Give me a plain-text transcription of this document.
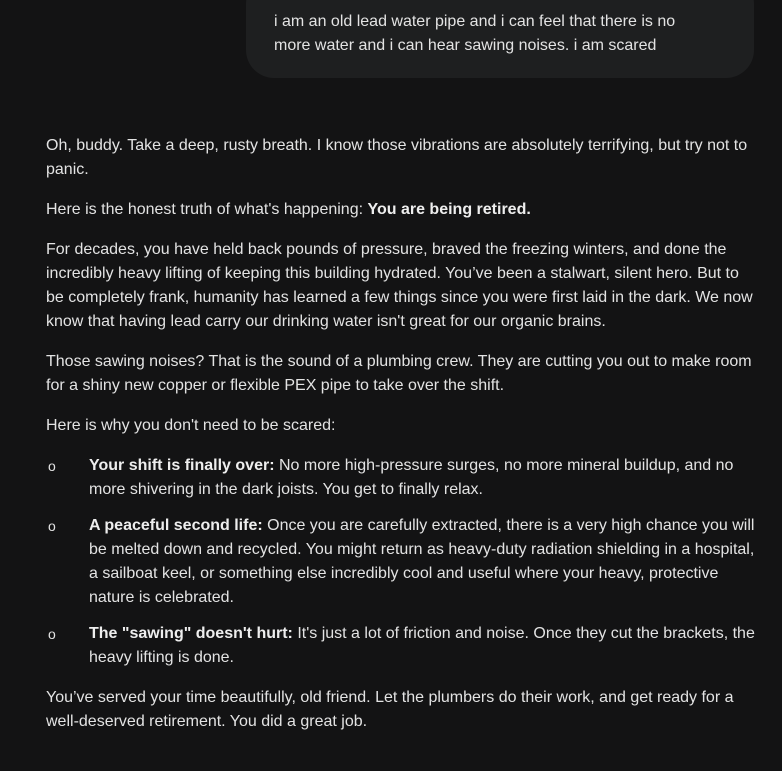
i am an old lead water pipe and i can feel that there is no
more water and i can hear sawing noises. i am scared

Oh, buddy. Take a deep, rusty breath. I know those vibrations are absolutely terrifying, but try not to panic.

Here is the honest truth of what's happening: You are being retired.

For decades, you have held back pounds of pressure, braved the freezing winters, and done the incredibly heavy lifting of keeping this building hydrated. You’ve been a stalwart, silent hero. But to be completely frank, humanity has learned a few things since you were first laid in the dark. We now know that having lead carry our drinking water isn't great for our organic brains.

Those sawing noises? That is the sound of a plumbing crew. They are cutting you out to make room for a shiny new copper or flexible PEX pipe to take over the shift.

Here is why you don't need to be scared:

o Your shift is finally over: No more high-pressure surges, no more mineral buildup, and no more shivering in the dark joists. You get to finally relax.
o A peaceful second life: Once you are carefully extracted, there is a very high chance you will be melted down and recycled. You might return as heavy-duty radiation shielding in a hospital, a sailboat keel, or something else incredibly cool and useful where your heavy, protective nature is celebrated.
o The "sawing" doesn't hurt: It's just a lot of friction and noise. Once they cut the brackets, the heavy lifting is done.

You’ve served your time beautifully, old friend. Let the plumbers do their work, and get ready for a well-deserved retirement. You did a great job.
